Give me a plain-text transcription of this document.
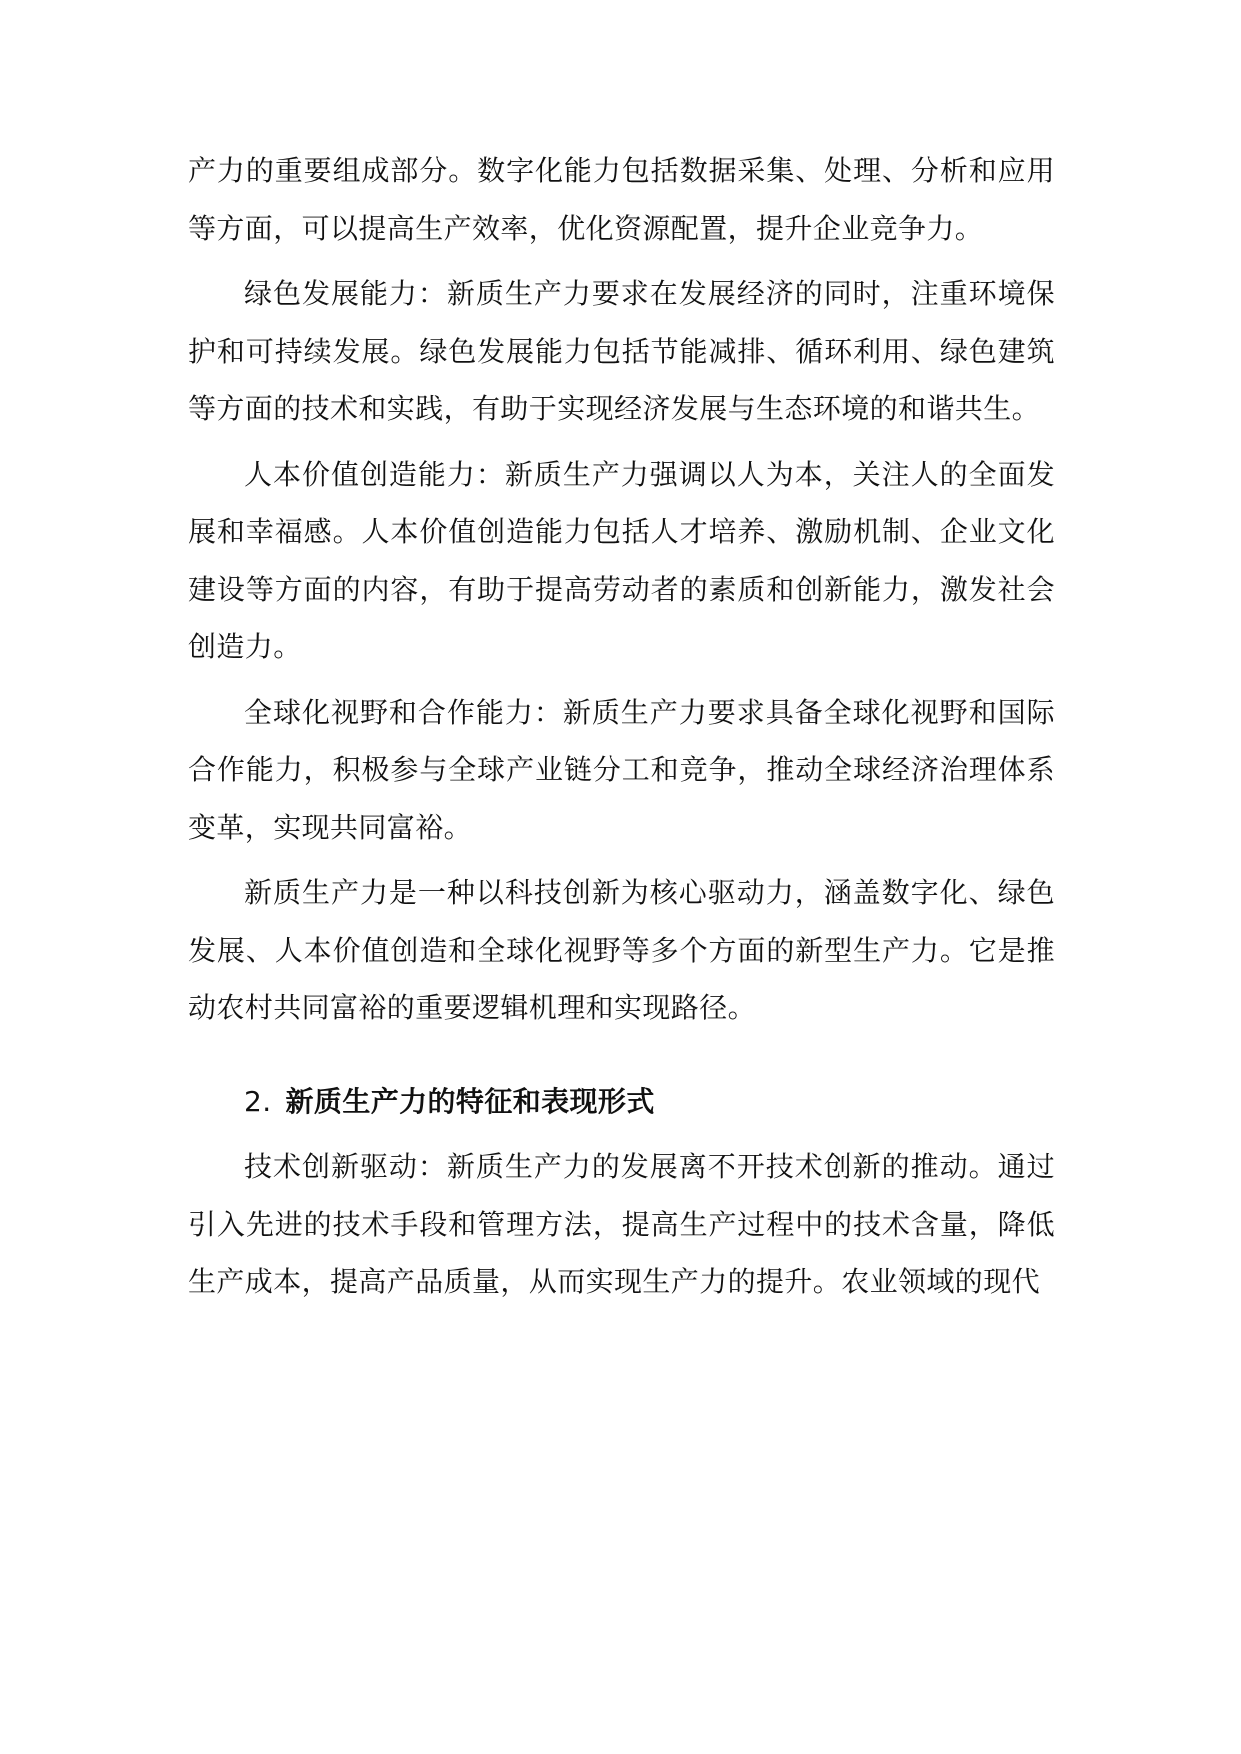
产力的重要组成部分。数字化能力包括数据采集、处理、分析和应用等方面，可以提高生产效率，优化资源配置，提升企业竞争力。

绿色发展能力：新质生产力要求在发展经济的同时，注重环境保护和可持续发展。绿色发展能力包括节能减排、循环利用、绿色建筑等方面的技术和实践，有助于实现经济发展与生态环境的和谐共生。

人本价值创造能力：新质生产力强调以人为本，关注人的全面发展和幸福感。人本价值创造能力包括人才培养、激励机制、企业文化建设等方面的内容，有助于提高劳动者的素质和创新能力，激发社会创造力。

全球化视野和合作能力：新质生产力要求具备全球化视野和国际合作能力，积极参与全球产业链分工和竞争，推动全球经济治理体系变革，实现共同富裕。

新质生产力是一种以科技创新为核心驱动力，涵盖数字化、绿色发展、人本价值创造和全球化视野等多个方面的新型生产力。它是推动农村共同富裕的重要逻辑机理和实现路径。

2. 新质生产力的特征和表现形式

技术创新驱动：新质生产力的发展离不开技术创新的推动。通过引入先进的技术手段和管理方法，提高生产过程中的技术含量，降低生产成本，提高产品质量，从而实现生产力的提升。农业领域的现代
